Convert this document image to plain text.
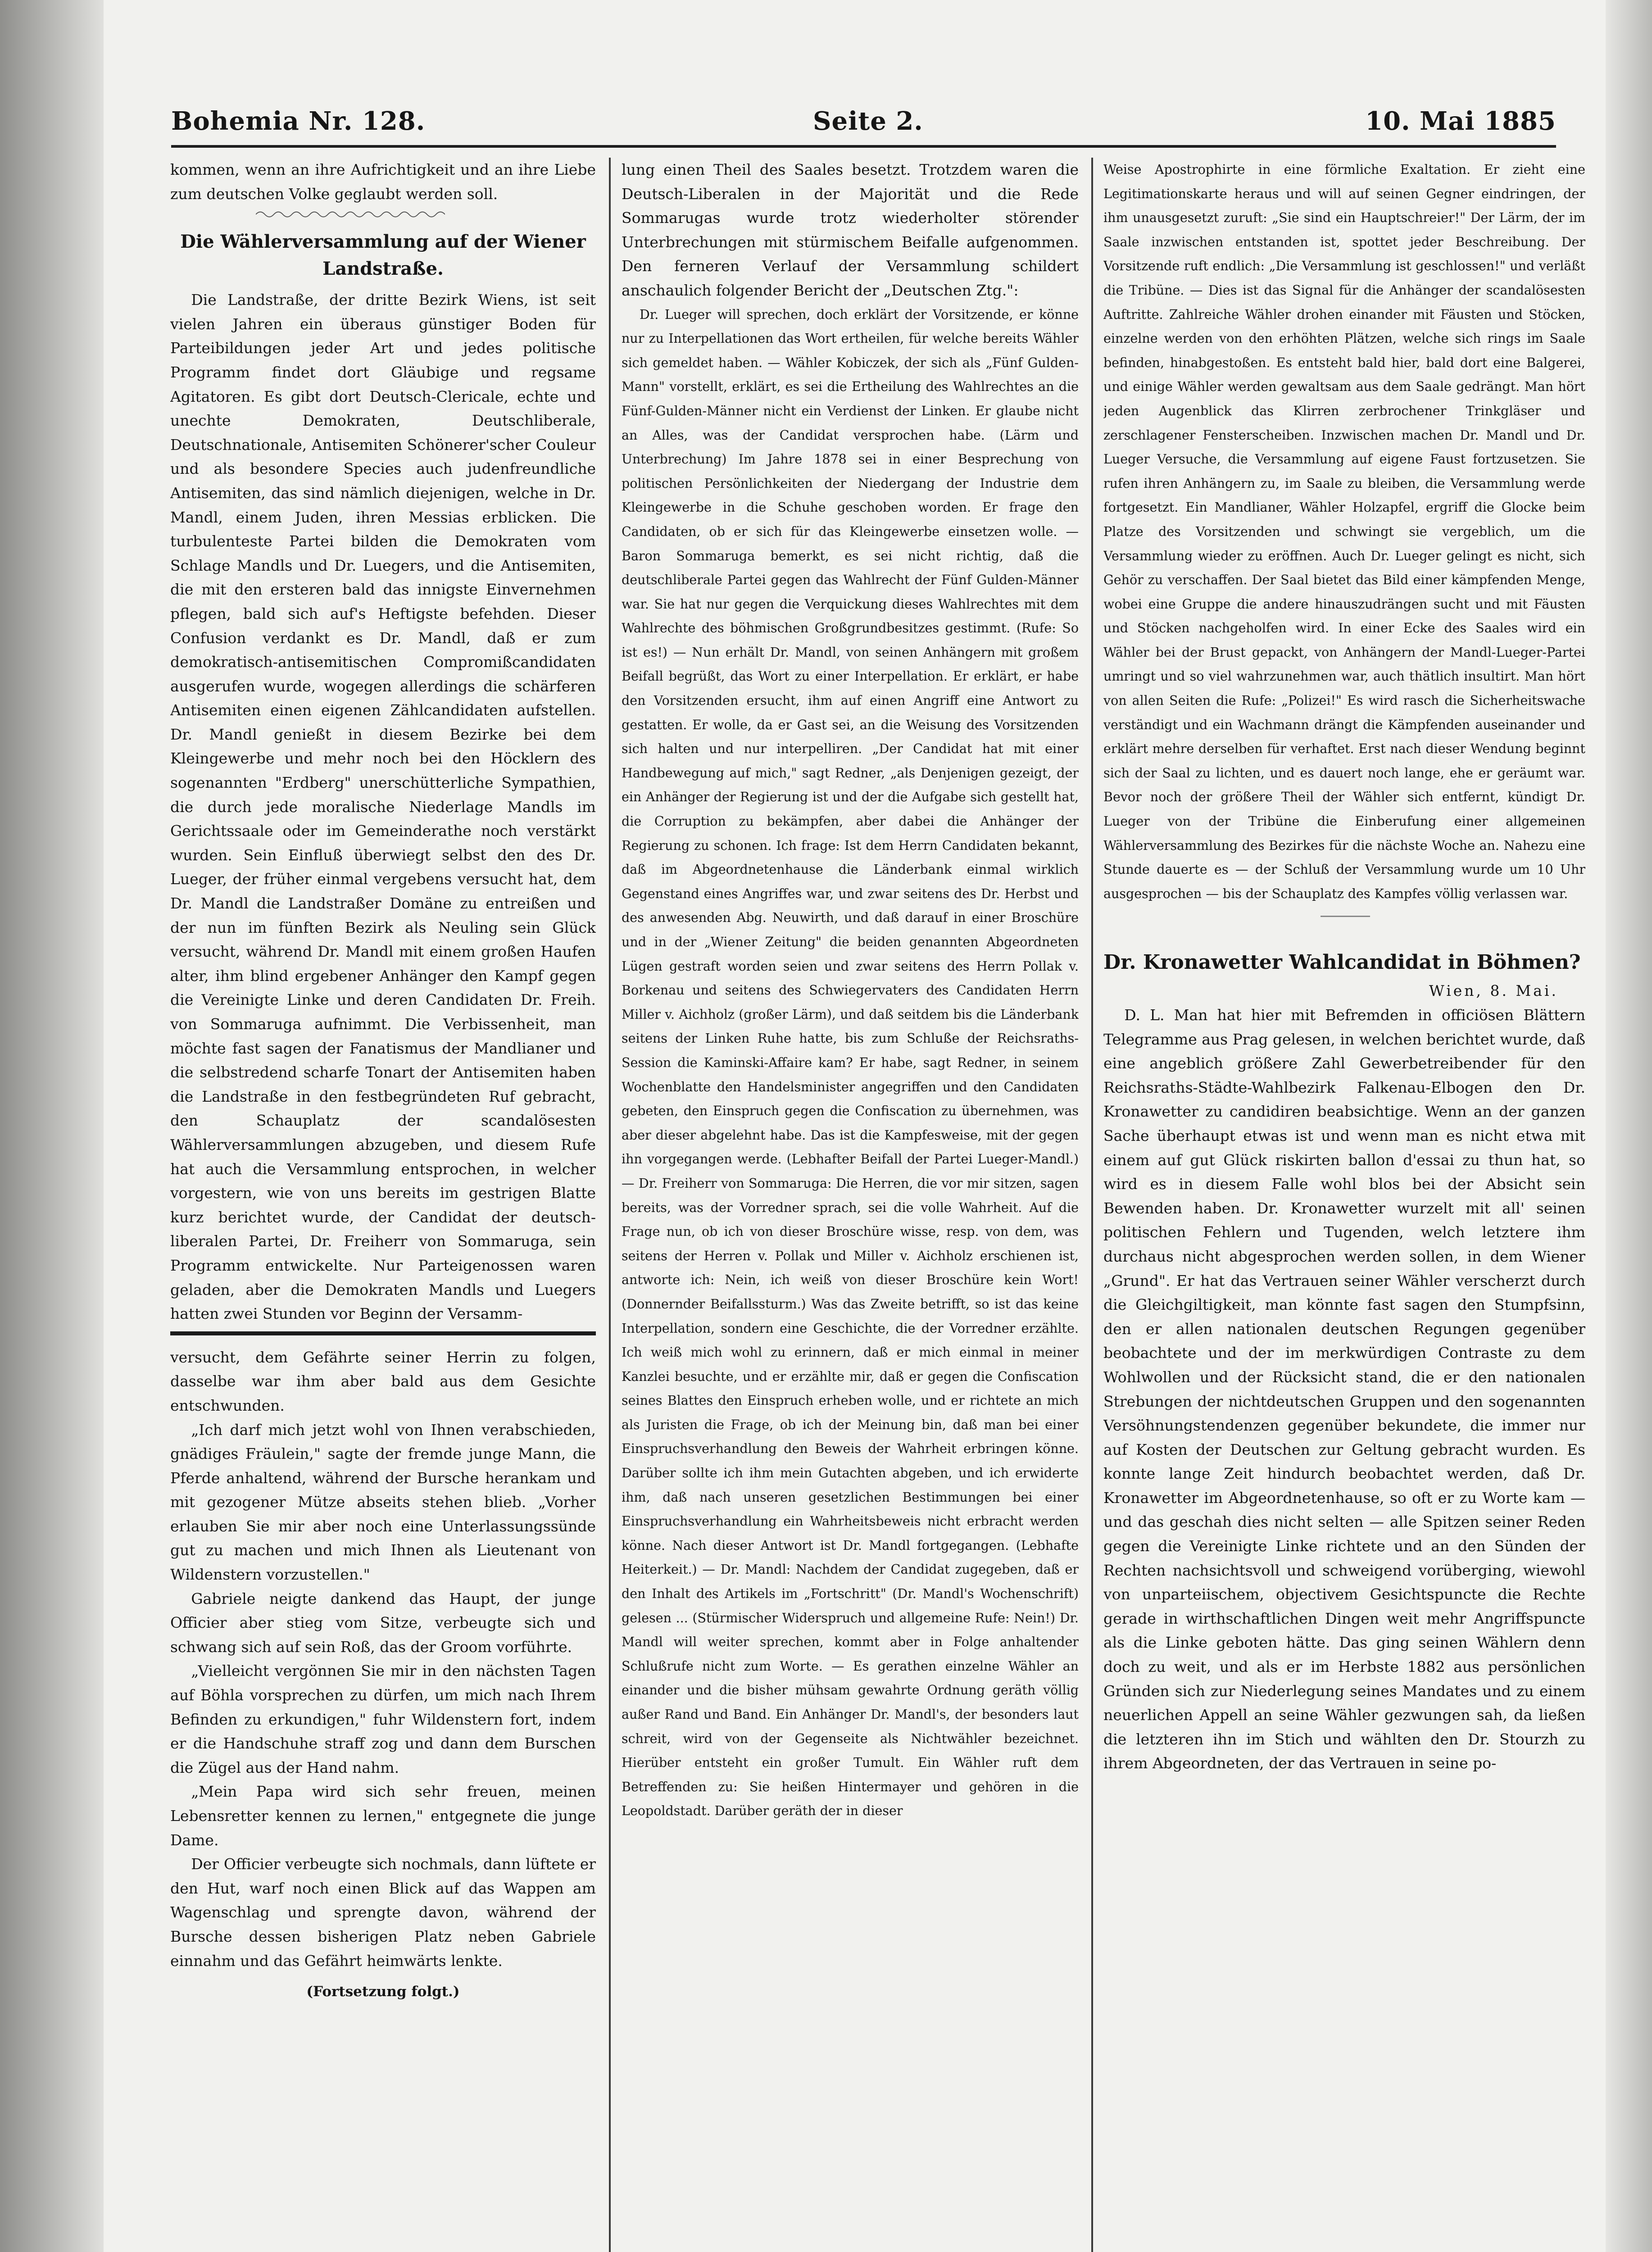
Bohemia Nr. 128.	Seite 2.	10. Mai 1885

kommen, wenn an ihre Aufrichtigkeit und an ihre Liebe zum deutschen Volke geglaubt werden soll.

Die Wählerversammlung auf der Wiener Landstraße.

Die Landstraße, der dritte Bezirk Wiens, ist seit vielen Jahren ein überaus günstiger Boden für Parteibildungen jeder Art und jedes politische Programm findet dort Gläubige und regsame Agitatoren. Es gibt dort Deutsch-Clericale, echte und unechte Demokraten, Deutschliberale, Deutschnationale, Antisemiten Schönerer'scher Couleur und als besondere Species auch judenfreundliche Antisemiten, das sind nämlich diejenigen, welche in Dr. Mandl, einem Juden, ihren Messias erblicken. Die turbulenteste Partei bilden die Demokraten vom Schlage Mandls und Dr. Luegers, und die Antisemiten, die mit den ersteren bald das innigste Einvernehmen pflegen, bald sich auf's Heftigste befehden. Dieser Confusion verdankt es Dr. Mandl, daß er zum demokratisch-antisemitischen Compromißcandidaten ausgerufen wurde, wogegen allerdings die schärferen Antisemiten einen eigenen Zählcandidaten aufstellen. Dr. Mandl genießt in diesem Bezirke bei dem Kleingewerbe und mehr noch bei den Höcklern des sogenannten "Erdberg" unerschütterliche Sympathien, die durch jede moralische Niederlage Mandls im Gerichtssaale oder im Gemeinderathe noch verstärkt wurden. Sein Einfluß überwiegt selbst den des Dr. Lueger, der früher einmal vergebens versucht hat, dem Dr. Mandl die Landstraßer Domäne zu entreißen und der nun im fünften Bezirk als Neuling sein Glück versucht, während Dr. Mandl mit einem großen Haufen alter, ihm blind ergebener Anhänger den Kampf gegen die Vereinigte Linke und deren Candidaten Dr. Freih. von Sommaruga aufnimmt. Die Verbissenheit, man möchte fast sagen der Fanatismus der Mandlianer und die selbstredend scharfe Tonart der Antisemiten haben die Landstraße in den festbegründeten Ruf gebracht, den Schauplatz der scandalösesten Wählerversammlungen abzugeben, und diesem Rufe hat auch die Versammlung entsprochen, in welcher vorgestern, wie von uns bereits im gestrigen Blatte kurz berichtet wurde, der Candidat der deutsch-liberalen Partei, Dr. Freiherr von Sommaruga, sein Programm entwickelte. Nur Parteigenossen waren geladen, aber die Demokraten Mandls und Luegers hatten zwei Stunden vor Beginn der Versamm-

versucht, dem Gefährte seiner Herrin zu folgen, dasselbe war ihm aber bald aus dem Gesichte entschwunden.

„Ich darf mich jetzt wohl von Ihnen verabschieden, gnädiges Fräulein," sagte der fremde junge Mann, die Pferde anhaltend, während der Bursche herankam und mit gezogener Mütze abseits stehen blieb. „Vorher erlauben Sie mir aber noch eine Unterlassungssünde gut zu machen und mich Ihnen als Lieutenant von Wildenstern vorzustellen."

Gabriele neigte dankend das Haupt, der junge Officier aber stieg vom Sitze, verbeugte sich und schwang sich auf sein Roß, das der Groom vorführte.

„Vielleicht vergönnen Sie mir in den nächsten Tagen auf Böhla vorsprechen zu dürfen, um mich nach Ihrem Befinden zu erkundigen," fuhr Wildenstern fort, indem er die Handschuhe straff zog und dann dem Burschen die Zügel aus der Hand nahm.

„Mein Papa wird sich sehr freuen, meinen Lebensretter kennen zu lernen," entgegnete die junge Dame.

Der Officier verbeugte sich nochmals, dann lüftete er den Hut, warf noch einen Blick auf das Wappen am Wagenschlag und sprengte davon, während der Bursche dessen bisherigen Platz neben Gabriele einnahm und das Gefährt heimwärts lenkte.

(Fortsetzung folgt.)

lung einen Theil des Saales besetzt. Trotzdem waren die Deutsch-Liberalen in der Majorität und die Rede Sommarugas wurde trotz wiederholter störender Unterbrechungen mit stürmischem Beifalle aufgenommen. Den ferneren Verlauf der Versammlung schildert anschaulich folgender Bericht der „Deutschen Ztg.":

Dr. Lueger will sprechen, doch erklärt der Vorsitzende, er könne nur zu Interpellationen das Wort ertheilen, für welche bereits Wähler sich gemeldet haben. — Wähler Kobiczek, der sich als „Fünf Gulden-Mann" vorstellt, erklärt, es sei die Ertheilung des Wahlrechtes an die Fünf-Gulden-Männer nicht ein Verdienst der Linken. Er glaube nicht an Alles, was der Candidat versprochen habe. (Lärm und Unterbrechung) Im Jahre 1878 sei in einer Besprechung von politischen Persönlichkeiten der Niedergang der Industrie dem Kleingewerbe in die Schuhe geschoben worden. Er frage den Candidaten, ob er sich für das Kleingewerbe einsetzen wolle. — Baron Sommaruga bemerkt, es sei nicht richtig, daß die deutschliberale Partei gegen das Wahlrecht der Fünf Gulden-Männer war. Sie hat nur gegen die Verquickung dieses Wahlrechtes mit dem Wahlrechte des böhmischen Großgrundbesitzes gestimmt. (Rufe: So ist es!) — Nun erhält Dr. Mandl, von seinen Anhängern mit großem Beifall begrüßt, das Wort zu einer Interpellation. Er erklärt, er habe den Vorsitzenden ersucht, ihm auf einen Angriff eine Antwort zu gestatten. Er wolle, da er Gast sei, an die Weisung des Vorsitzenden sich halten und nur interpelliren. „Der Candidat hat mit einer Handbewegung auf mich," sagt Redner, „als Denjenigen gezeigt, der ein Anhänger der Regierung ist und der die Aufgabe sich gestellt hat, die Corruption zu bekämpfen, aber dabei die Anhänger der Regierung zu schonen. Ich frage: Ist dem Herrn Candidaten bekannt, daß im Abgeordnetenhause die Länderbank einmal wirklich Gegenstand eines Angriffes war, und zwar seitens des Dr. Herbst und des anwesenden Abg. Neuwirth, und daß darauf in einer Broschüre und in der „Wiener Zeitung" die beiden genannten Abgeordneten Lügen gestraft worden seien und zwar seitens des Herrn Pollak v. Borkenau und seitens des Schwiegervaters des Candidaten Herrn Miller v. Aichholz (großer Lärm), und daß seitdem bis die Länderbank seitens der Linken Ruhe hatte, bis zum Schluße der Reichsraths-Session die Kaminski-Affaire kam? Er habe, sagt Redner, in seinem Wochenblatte den Handelsminister angegriffen und den Candidaten gebeten, den Einspruch gegen die Confiscation zu übernehmen, was aber dieser abgelehnt habe. Das ist die Kampfesweise, mit der gegen ihn vorgegangen werde. (Lebhafter Beifall der Partei Lueger-Mandl.) — Dr. Freiherr von Sommaruga: Die Herren, die vor mir sitzen, sagen bereits, was der Vorredner sprach, sei die volle Wahrheit. Auf die Frage nun, ob ich von dieser Broschüre wisse, resp. von dem, was seitens der Herren v. Pollak und Miller v. Aichholz erschienen ist, antworte ich: Nein, ich weiß von dieser Broschüre kein Wort! (Donnernder Beifallssturm.) Was das Zweite betrifft, so ist das keine Interpellation, sondern eine Geschichte, die der Vorredner erzählte. Ich weiß mich wohl zu erinnern, daß er mich einmal in meiner Kanzlei besuchte, und er erzählte mir, daß er gegen die Confiscation seines Blattes den Einspruch erheben wolle, und er richtete an mich als Juristen die Frage, ob ich der Meinung bin, daß man bei einer Einspruchsverhandlung den Beweis der Wahrheit erbringen könne. Darüber sollte ich ihm mein Gutachten abgeben, und ich erwiderte ihm, daß nach unseren gesetzlichen Bestimmungen bei einer Einspruchsverhandlung ein Wahrheitsbeweis nicht erbracht werden könne. Nach dieser Antwort ist Dr. Mandl fortgegangen. (Lebhafte Heiterkeit.) — Dr. Mandl: Nachdem der Candidat zugegeben, daß er den Inhalt des Artikels im „Fortschritt" (Dr. Mandl's Wochenschrift) gelesen ... (Stürmischer Widerspruch und allgemeine Rufe: Nein!) Dr. Mandl will weiter sprechen, kommt aber in Folge anhaltender Schlußrufe nicht zum Worte. — Es gerathen einzelne Wähler an einander und die bisher mühsam gewahrte Ordnung geräth völlig außer Rand und Band. Ein Anhänger Dr. Mandl's, der besonders laut schreit, wird von der Gegenseite als Nichtwähler bezeichnet. Hierüber entsteht ein großer Tumult. Ein Wähler ruft dem Betreffenden zu: Sie heißen Hintermayer und gehören in die Leopoldstadt. Darüber geräth der in dieser

Weise Apostrophirte in eine förmliche Exaltation. Er zieht eine Legitimationskarte heraus und will auf seinen Gegner eindringen, der ihm unausgesetzt zuruft: „Sie sind ein Hauptschreier!" Der Lärm, der im Saale inzwischen entstanden ist, spottet jeder Beschreibung. Der Vorsitzende ruft endlich: „Die Versammlung ist geschlossen!" und verläßt die Tribüne. — Dies ist das Signal für die Anhänger der scandalösesten Auftritte. Zahlreiche Wähler drohen einander mit Fäusten und Stöcken, einzelne werden von den erhöhten Plätzen, welche sich rings im Saale befinden, hinabgestoßen. Es entsteht bald hier, bald dort eine Balgerei, und einige Wähler werden gewaltsam aus dem Saale gedrängt. Man hört jeden Augenblick das Klirren zerbrochener Trinkgläser und zerschlagener Fensterscheiben. Inzwischen machen Dr. Mandl und Dr. Lueger Versuche, die Versammlung auf eigene Faust fortzusetzen. Sie rufen ihren Anhängern zu, im Saale zu bleiben, die Versammlung werde fortgesetzt. Ein Mandlianer, Wähler Holzapfel, ergriff die Glocke beim Platze des Vorsitzenden und schwingt sie vergeblich, um die Versammlung wieder zu eröffnen. Auch Dr. Lueger gelingt es nicht, sich Gehör zu verschaffen. Der Saal bietet das Bild einer kämpfenden Menge, wobei eine Gruppe die andere hinauszudrängen sucht und mit Fäusten und Stöcken nachgeholfen wird. In einer Ecke des Saales wird ein Wähler bei der Brust gepackt, von Anhängern der Mandl-Lueger-Partei umringt und so viel wahrzunehmen war, auch thätlich insultirt. Man hört von allen Seiten die Rufe: „Polizei!" Es wird rasch die Sicherheitswache verständigt und ein Wachmann drängt die Kämpfenden auseinander und erklärt mehre derselben für verhaftet. Erst nach dieser Wendung beginnt sich der Saal zu lichten, und es dauert noch lange, ehe er geräumt war. Bevor noch der größere Theil der Wähler sich entfernt, kündigt Dr. Lueger von der Tribüne die Einberufung einer allgemeinen Wählerversammlung des Bezirkes für die nächste Woche an. Nahezu eine Stunde dauerte es — der Schluß der Versammlung wurde um 10 Uhr ausgesprochen — bis der Schauplatz des Kampfes völlig verlassen war.

Dr. Kronawetter Wahlcandidat in Böhmen?
Wien, 8. Mai.

D. L. Man hat hier mit Befremden in officiösen Blättern Telegramme aus Prag gelesen, in welchen berichtet wurde, daß eine angeblich größere Zahl Gewerbetreibender für den Reichsraths-Städte-Wahlbezirk Falkenau-Elbogen den Dr. Kronawetter zu candidiren beabsichtige. Wenn an der ganzen Sache überhaupt etwas ist und wenn man es nicht etwa mit einem auf gut Glück riskirten ballon d'essai zu thun hat, so wird es in diesem Falle wohl blos bei der Absicht sein Bewenden haben. Dr. Kronawetter wurzelt mit all' seinen politischen Fehlern und Tugenden, welch letztere ihm durchaus nicht abgesprochen werden sollen, in dem Wiener „Grund". Er hat das Vertrauen seiner Wähler verscherzt durch die Gleichgiltigkeit, man könnte fast sagen den Stumpfsinn, den er allen nationalen deutschen Regungen gegenüber beobachtete und der im merkwürdigen Contraste zu dem Wohlwollen und der Rücksicht stand, die er den nationalen Strebungen der nichtdeutschen Gruppen und den sogenannten Versöhnungstendenzen gegenüber bekundete, die immer nur auf Kosten der Deutschen zur Geltung gebracht wurden. Es konnte lange Zeit hindurch beobachtet werden, daß Dr. Kronawetter im Abgeordnetenhause, so oft er zu Worte kam — und das geschah dies nicht selten — alle Spitzen seiner Reden gegen die Vereinigte Linke richtete und an den Sünden der Rechten nachsichtsvoll und schweigend vorüberging, wiewohl von unparteiischem, objectivem Gesichtspuncte die Rechte gerade in wirthschaftlichen Dingen weit mehr Angriffspuncte als die Linke geboten hätte. Das ging seinen Wählern denn doch zu weit, und als er im Herbste 1882 aus persönlichen Gründen sich zur Niederlegung seines Mandates und zu einem neuerlichen Appell an seine Wähler gezwungen sah, da ließen die letzteren ihn im Stich und wählten den Dr. Stourzh zu ihrem Abgeordneten, der das Vertrauen in seine po-
